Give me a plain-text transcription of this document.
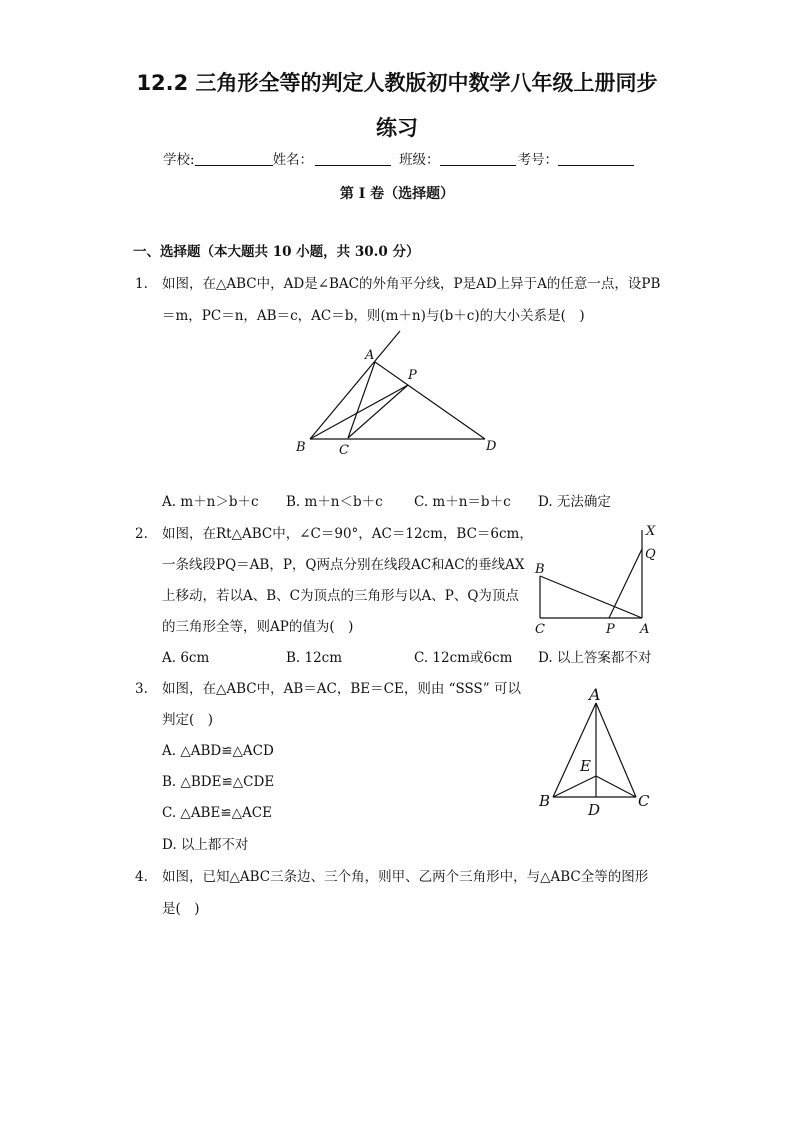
12.2 三角形全等的判定人教版初中数学八年级上册同步
练习
学校:	姓名：	班级：	考号：
第 I 卷（选择题）
一、选择题（本大题共 10 小题，共 30.0 分）
1. 如图，在△ABC中，AD是∠BAC的外角平分线，P是AD上异于A的任意一点，设PB
＝m，PC＝n，AB＝c，AC＝b，则(m＋n)与(b＋c)的大小关系是(　)
A
P
B	C	D
A. m＋n＞b＋c B. m＋n＜b＋c C. m＋n＝b＋c D. 无法确定
2. 如图，在Rt△ABC中，∠C＝90°，AC＝12cm，BC＝6cm，
一条线段PQ＝AB，P，Q两点分别在线段AC和AC的垂线AX
上移动，若以A、B、C为顶点的三角形与以A、P、Q为顶点
的三角形全等，则AP的值为(　)
X
Q
B
C	P A
A. 6cm	B. 12cm	C. 12cm或6cm D. 以上答案都不对
3. 如图，在△ABC中，AB＝AC，BE＝CE，则由 “SSS” 可以
判定(　)
A. △ABD≌△ACD
B. △BDE≌△CDE
C. △ABE≌△ACE
D. 以上都不对
A
E
B	D	C
4. 如图，已知△ABC三条边、三个角，则甲、乙两个三角形中，与△ABC全等的图形
是(　)
